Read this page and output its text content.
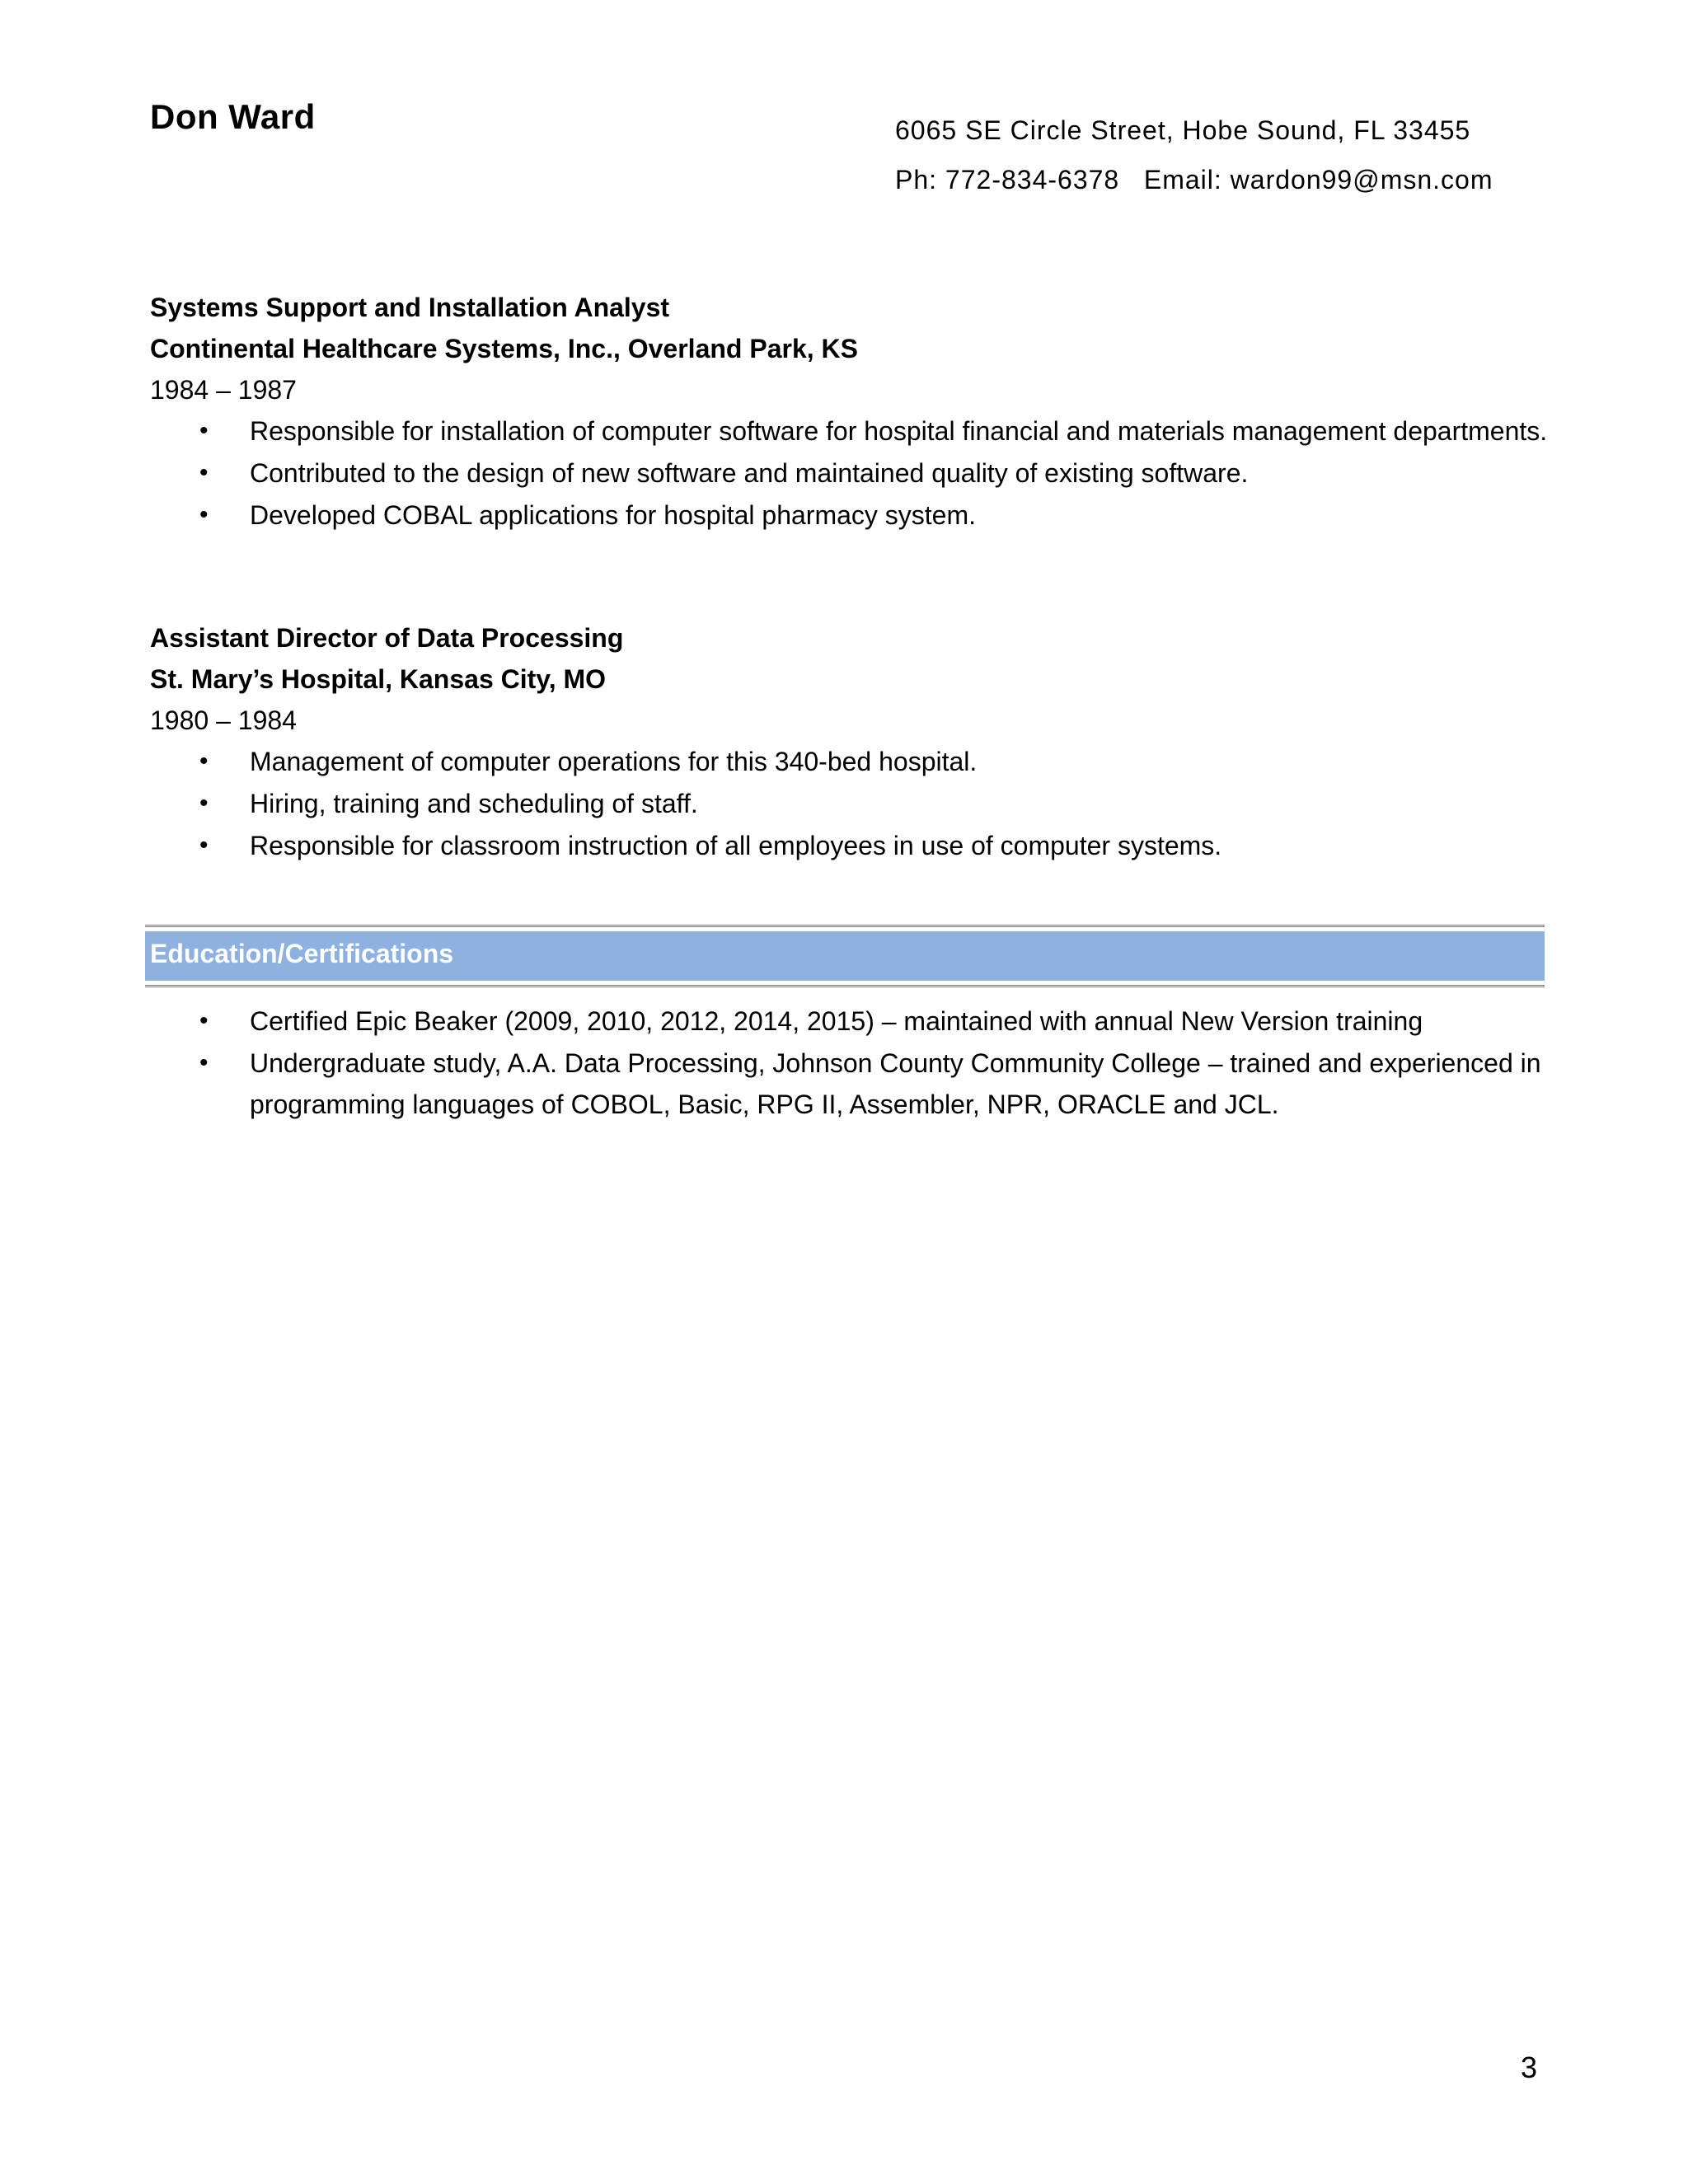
Don Ward	6065 SE Circle Street, Hobe Sound, FL 33455
Ph: 772-834-6378   Email: wardon99@msn.com
Systems Support and Installation Analyst
Continental Healthcare Systems, Inc., Overland Park, KS
1984 – 1987
• Responsible for installation of computer software for hospital financial and materials management departments.
• Contributed to the design of new software and maintained quality of existing software.
• Developed COBAL applications for hospital pharmacy system.
Assistant Director of Data Processing
St. Mary’s Hospital, Kansas City, MO
1980 – 1984
• Management of computer operations for this 340-bed hospital.
• Hiring, training and scheduling of staff.
• Responsible for classroom instruction of all employees in use of computer systems.
Education/Certifications
• Certified Epic Beaker (2009, 2010, 2012, 2014, 2015) – maintained with annual New Version training
• Undergraduate study, A.A. Data Processing, Johnson County Community College – trained and experienced in programming languages of COBOL, Basic, RPG II, Assembler, NPR, ORACLE and JCL.
3
